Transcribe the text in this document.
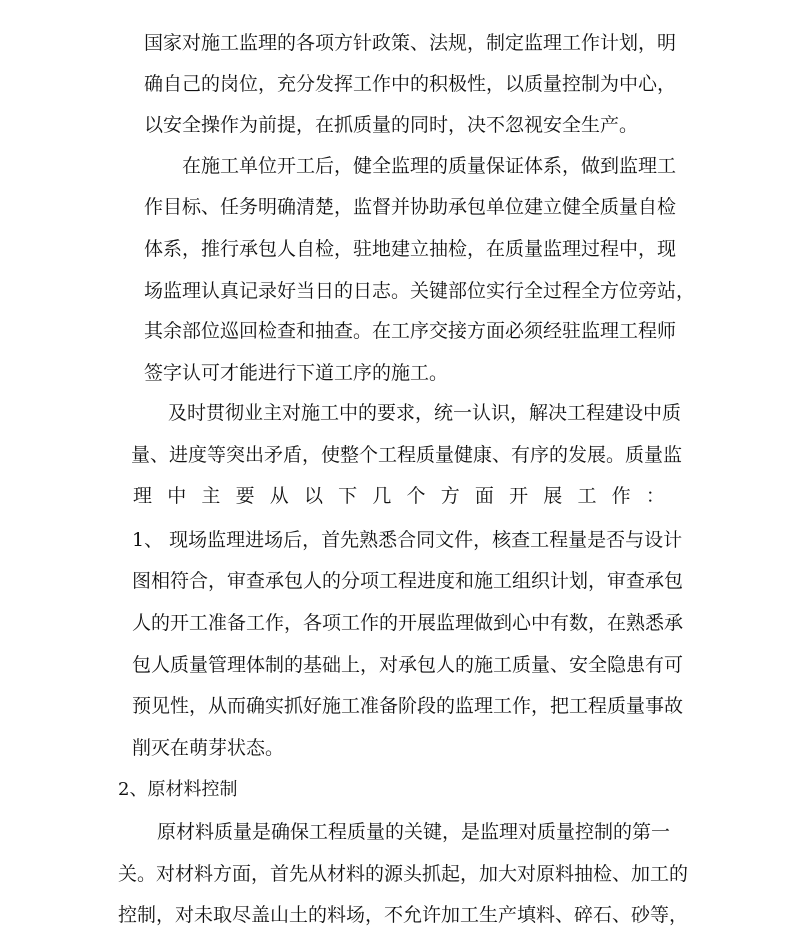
国家对施工监理的各项方针政策、法规，制定监理工作计划，明
确自己的岗位，充分发挥工作中的积极性，以质量控制为中心，
以安全操作为前提，在抓质量的同时，决不忽视安全生产。
在施工单位开工后，健全监理的质量保证体系，做到监理工
作目标、任务明确清楚，监督并协助承包单位建立健全质量自检
体系，推行承包人自检，驻地建立抽检，在质量监理过程中，现
场监理认真记录好当日的日志。关键部位实行全过程全方位旁站，
其余部位巡回检查和抽查。在工序交接方面必须经驻监理工程师
签字认可才能进行下道工序的施工。
及时贯彻业主对施工中的要求，统一认识，解决工程建设中质
量、进度等突出矛盾，使整个工程质量健康、有序的发展。质量监
理 中 主 要 从 以 下 几 个 方 面 开 展 工 作 ：
1、 现场监理进场后，首先熟悉合同文件，核查工程量是否与设计
图相符合，审查承包人的分项工程进度和施工组织计划，审查承包
人的开工准备工作，各项工作的开展监理做到心中有数，在熟悉承
包人质量管理体制的基础上，对承包人的施工质量、安全隐患有可
预见性，从而确实抓好施工准备阶段的监理工作，把工程质量事故
削灭在萌芽状态。
2、原材料控制
原材料质量是确保工程质量的关键，是监理对质量控制的第一
关。对材料方面，首先从材料的源头抓起，加大对原料抽检、加工的
控制，对未取尽盖山土的料场，不允许加工生产填料、碎石、砂等，
